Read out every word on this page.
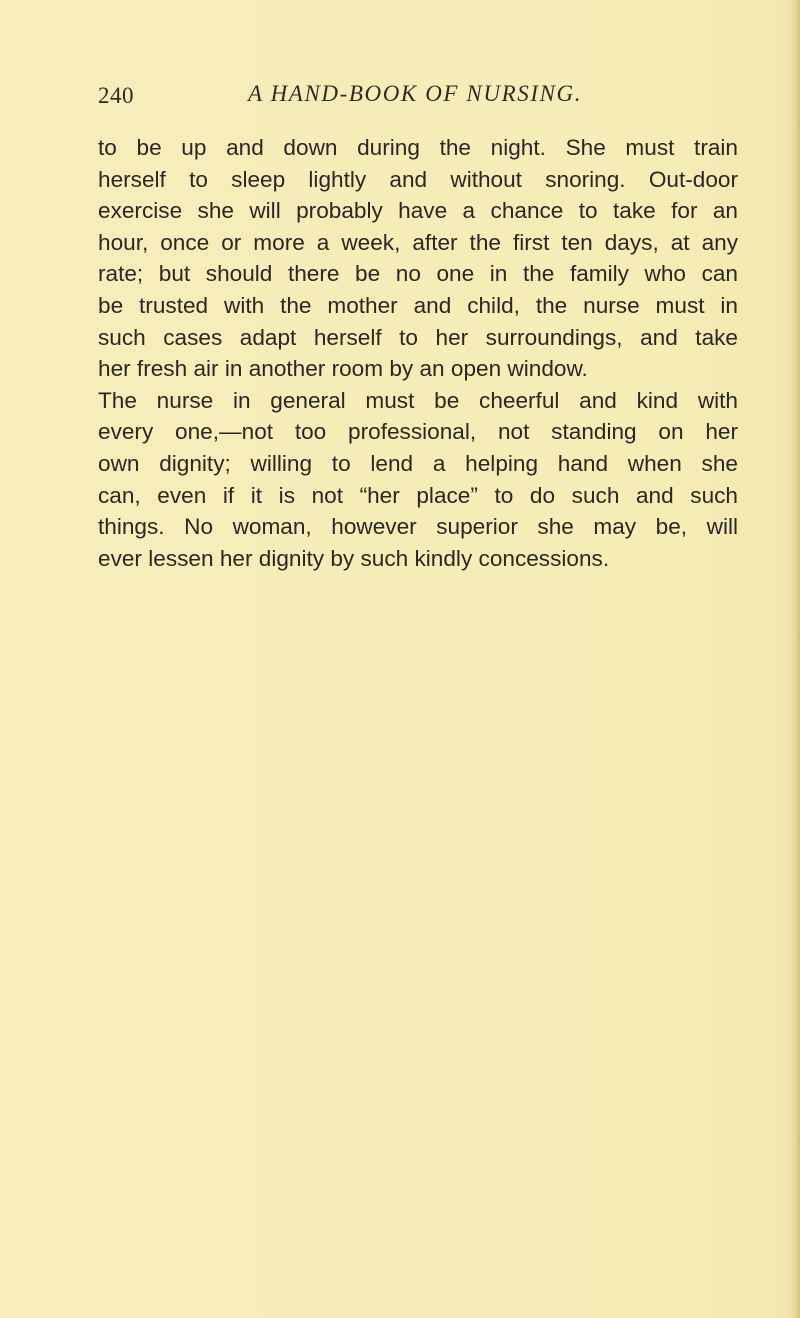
240	A HAND-BOOK OF NURSING.
to be up and down during the night. She must train
herself to sleep lightly and without snoring. Out-door
exercise she will probably have a chance to take for an
hour, once or more a week, after the first ten days, at any
rate; but should there be no one in the family who can
be trusted with the mother and child, the nurse must in
such cases adapt herself to her surroundings, and take
her fresh air in another room by an open window.
The nurse in general must be cheerful and kind with
every one,—not too professional, not standing on her
own dignity; willing to lend a helping hand when she
can, even if it is not “her place” to do such and such
things. No woman, however superior she may be, will
ever lessen her dignity by such kindly concessions.
